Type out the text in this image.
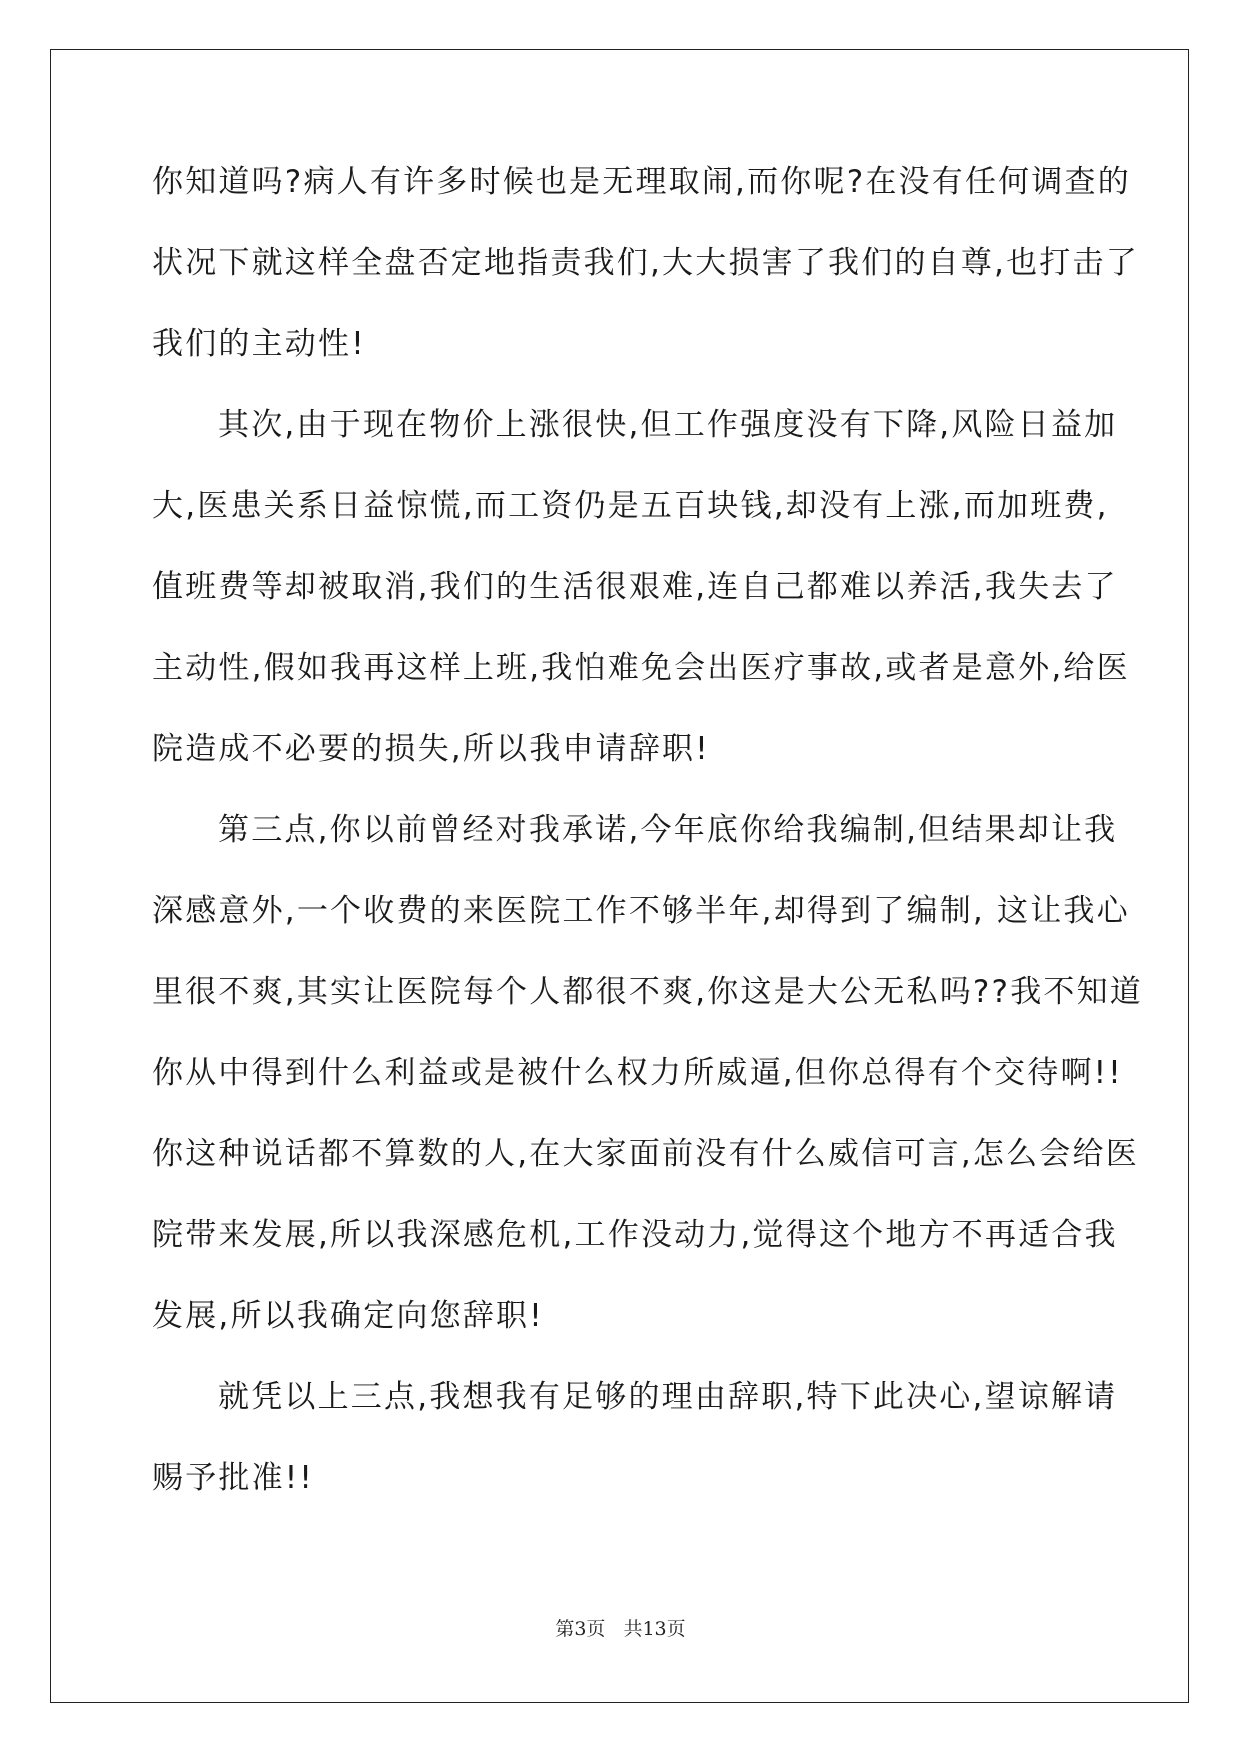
你知道吗?病人有许多时候也是无理取闹,而你呢?在没有任何调查的
状况下就这样全盘否定地指责我们,大大损害了我们的自尊,也打击了
我们的主动性!
其次,由于现在物价上涨很快,但工作强度没有下降,风险日益加
大,医患关系日益惊慌,而工资仍是五百块钱,却没有上涨,而加班费,
值班费等却被取消,我们的生活很艰难,连自己都难以养活,我失去了
主动性,假如我再这样上班,我怕难免会出医疗事故,或者是意外,给医
院造成不必要的损失,所以我申请辞职!
第三点,你以前曾经对我承诺,今年底你给我编制,但结果却让我
深感意外,一个收费的来医院工作不够半年,却得到了编制, 这让我心
里很不爽,其实让医院每个人都很不爽,你这是大公无私吗??我不知道
你从中得到什么利益或是被什么权力所威逼,但你总得有个交待啊!!
你这种说话都不算数的人,在大家面前没有什么威信可言,怎么会给医
院带来发展,所以我深感危机,工作没动力,觉得这个地方不再适合我
发展,所以我确定向您辞职!
就凭以上三点,我想我有足够的理由辞职,特下此决心,望谅解请
赐予批准!!
第3页 共13页
